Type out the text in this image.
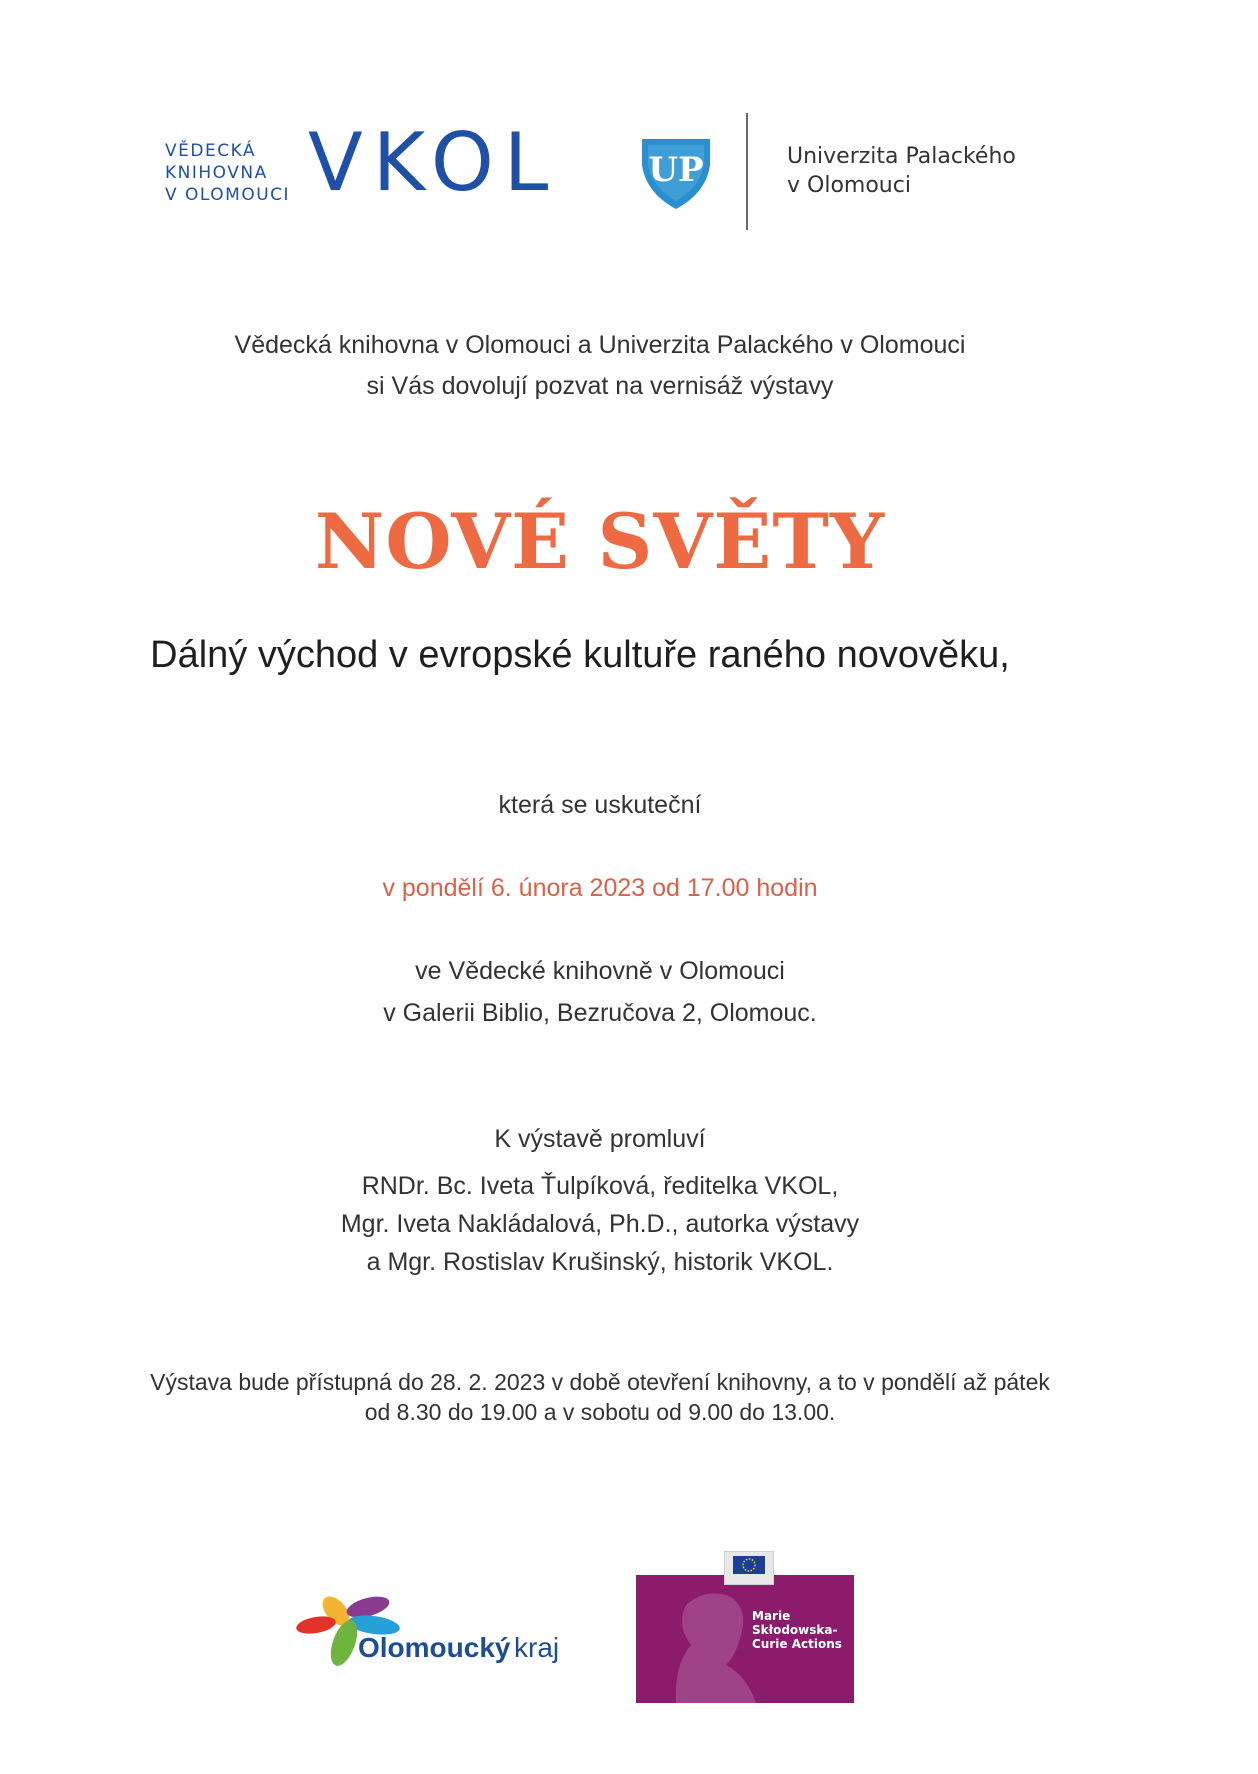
VĚDECKÁ
KNIHOVNA
V OLOMOUCI VKOL	UP	Univerzita Palackého
v Olomouci
Vědecká knihovna v Olomouci a Univerzita Palackého v Olomouci
si Vás dovolují pozvat na vernisáž výstavy
NOVÉ SVĚTY
Dálný východ v evropské kultuře raného novověku,
která se uskuteční
v pondělí 6. února 2023 od 17.00 hodin
ve Vědecké knihovně v Olomouci
v Galerii Biblio, Bezručova 2, Olomouc.
K výstavě promluví
RNDr. Bc. Iveta Ťulpíková, ředitelka VKOL,
Mgr. Iveta Nakládalová, Ph.D., autorka výstavy
a Mgr. Rostislav Krušinský, historik VKOL.
Výstava bude přístupná do 28. 2. 2023 v době otevření knihovny, a to v pondělí až pátek
od 8.30 do 19.00 a v sobotu od 9.00 do 13.00.
Olomoucký kraj
Marie
Skłodowska-
Curie Actions
